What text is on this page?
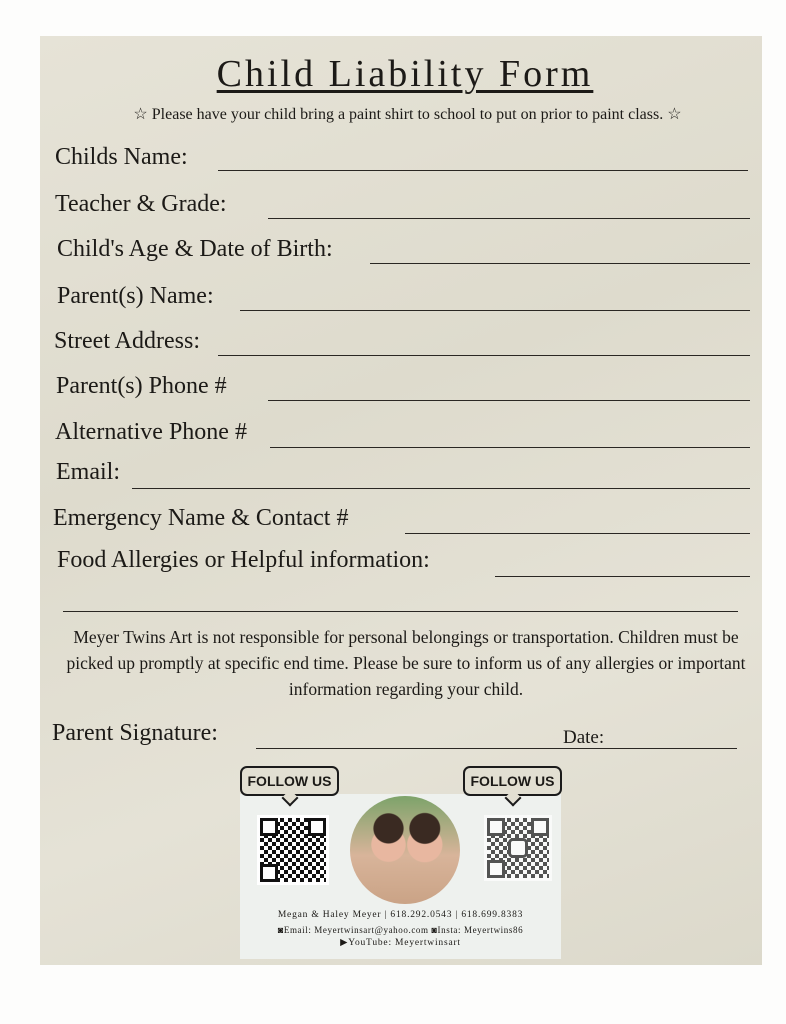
Child Liability Form
☆ Please have your child bring a paint shirt to school to put on prior to paint class. ☆
Childs Name:
Teacher & Grade:
Child's Age & Date of Birth:
Parent(s) Name:
Street Address:
Parent(s) Phone #
Alternative Phone #
Email:
Emergency Name & Contact #
Food Allergies or Helpful information:
Meyer Twins Art is not responsible for personal belongings or transportation. Children must be picked up promptly at specific end time. Please be sure to inform us of any allergies or important information regarding your child.
Parent Signature:	Date:
FOLLOW US	FOLLOW US
Megan & Haley Meyer | 618.292.0543 | 618.699.8383
◙Email: Meyertwinsart@yahoo.com ◙Insta: Meyertwins86
▶YouTube: Meyertwinsart
